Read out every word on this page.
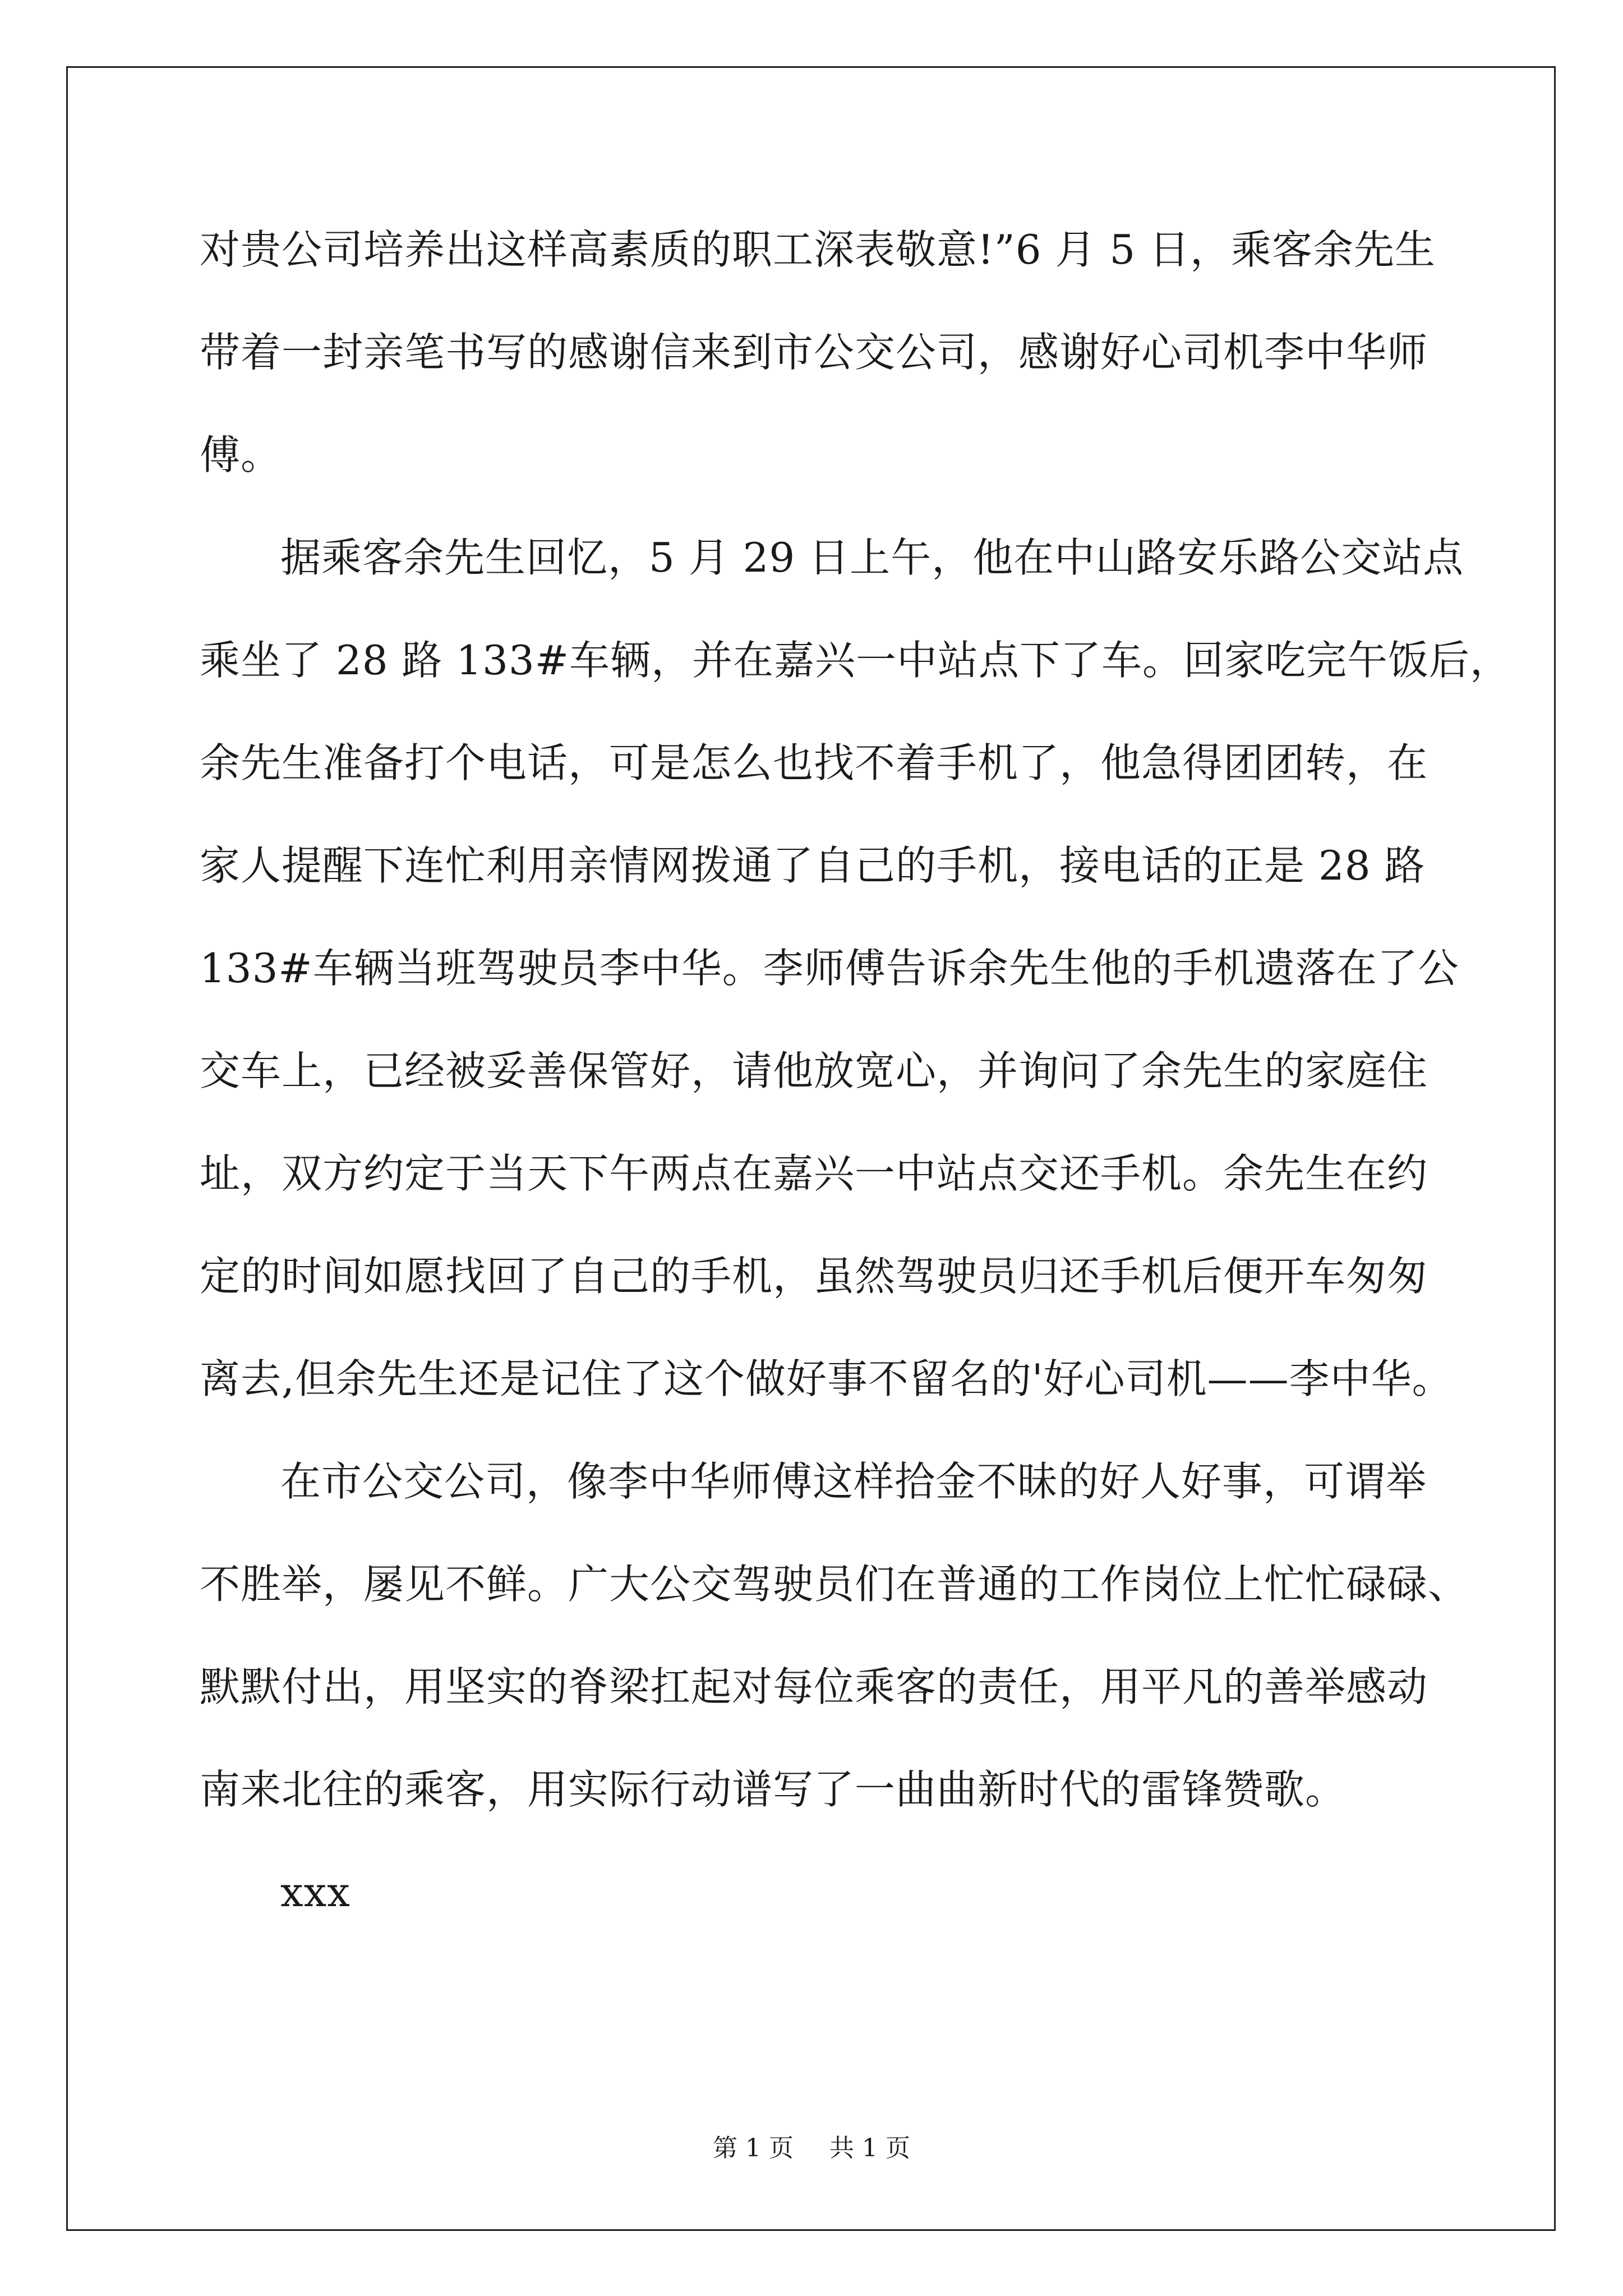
对贵公司培养出这样高素质的职工深表敬意!”6 月 5 日，乘客余先生
带着一封亲笔书写的感谢信来到市公交公司，感谢好心司机李中华师
傅。
据乘客余先生回忆，5 月 29 日上午，他在中山路安乐路公交站点
乘坐了 28 路 133#车辆，并在嘉兴一中站点下了车。回家吃完午饭后，
余先生准备打个电话，可是怎么也找不着手机了，他急得团团转，在
家人提醒下连忙利用亲情网拨通了自己的手机，接电话的正是 28 路
133#车辆当班驾驶员李中华。李师傅告诉余先生他的手机遗落在了公
交车上，已经被妥善保管好，请他放宽心，并询问了余先生的家庭住
址，双方约定于当天下午两点在嘉兴一中站点交还手机。余先生在约
定的时间如愿找回了自己的手机，虽然驾驶员归还手机后便开车匆匆
离去,但余先生还是记住了这个做好事不留名的'好心司机——李中华。
在市公交公司，像李中华师傅这样拾金不昧的好人好事，可谓举
不胜举，屡见不鲜。广大公交驾驶员们在普通的工作岗位上忙忙碌碌、
默默付出，用坚实的脊梁扛起对每位乘客的责任，用平凡的善举感动
南来北往的乘客，用实际行动谱写了一曲曲新时代的雷锋赞歌。
xxx
第 1 页 共 1 页
